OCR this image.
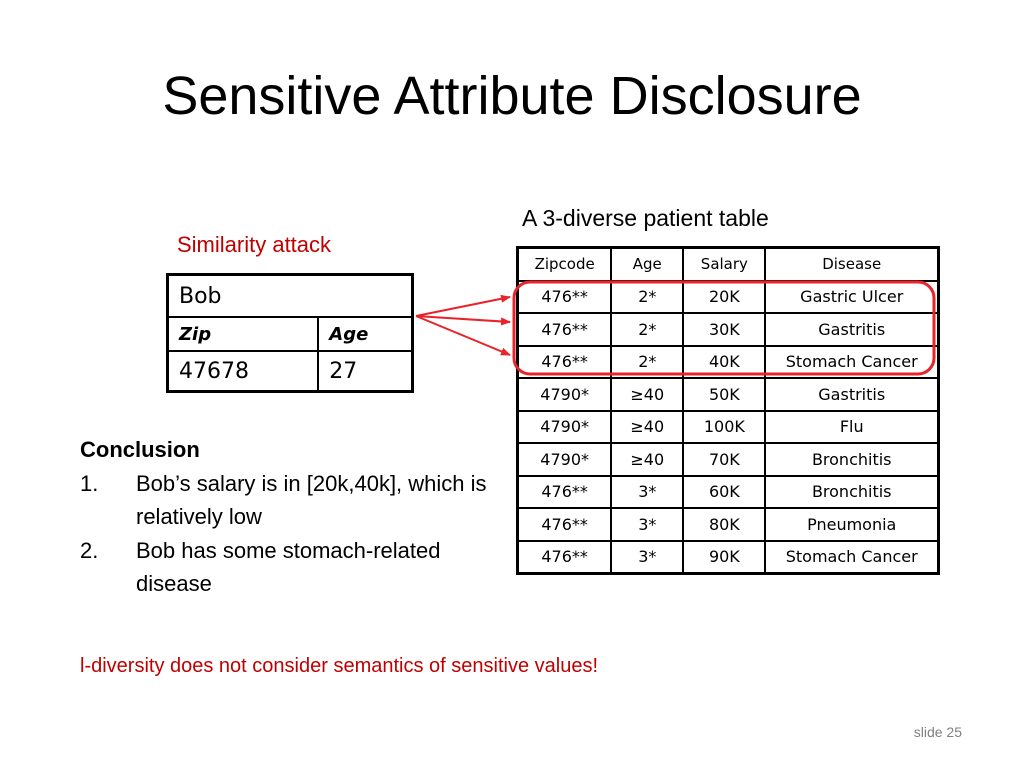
Sensitive Attribute Disclosure
A 3-diverse patient table
Similarity attack
Bob	
Zip	Age
47678	27
Zipcode	Age	Salary	Disease
476**	2*	20K	Gastric Ulcer
476**	2*	30K	Gastritis
476**	2*	40K	Stomach Cancer
4790*	≥40	50K	Gastritis
4790*	≥40	100K	Flu
4790*	≥40	70K	Bronchitis
476**	3*	60K	Bronchitis
476**	3*	80K	Pneumonia
476**	3*	90K	Stomach Cancer
Conclusion
1.	Bob’s salary is in [20k,40k], which is relatively low
2.	Bob has some stomach-related disease
l-diversity does not consider semantics of sensitive values!
slide 25
